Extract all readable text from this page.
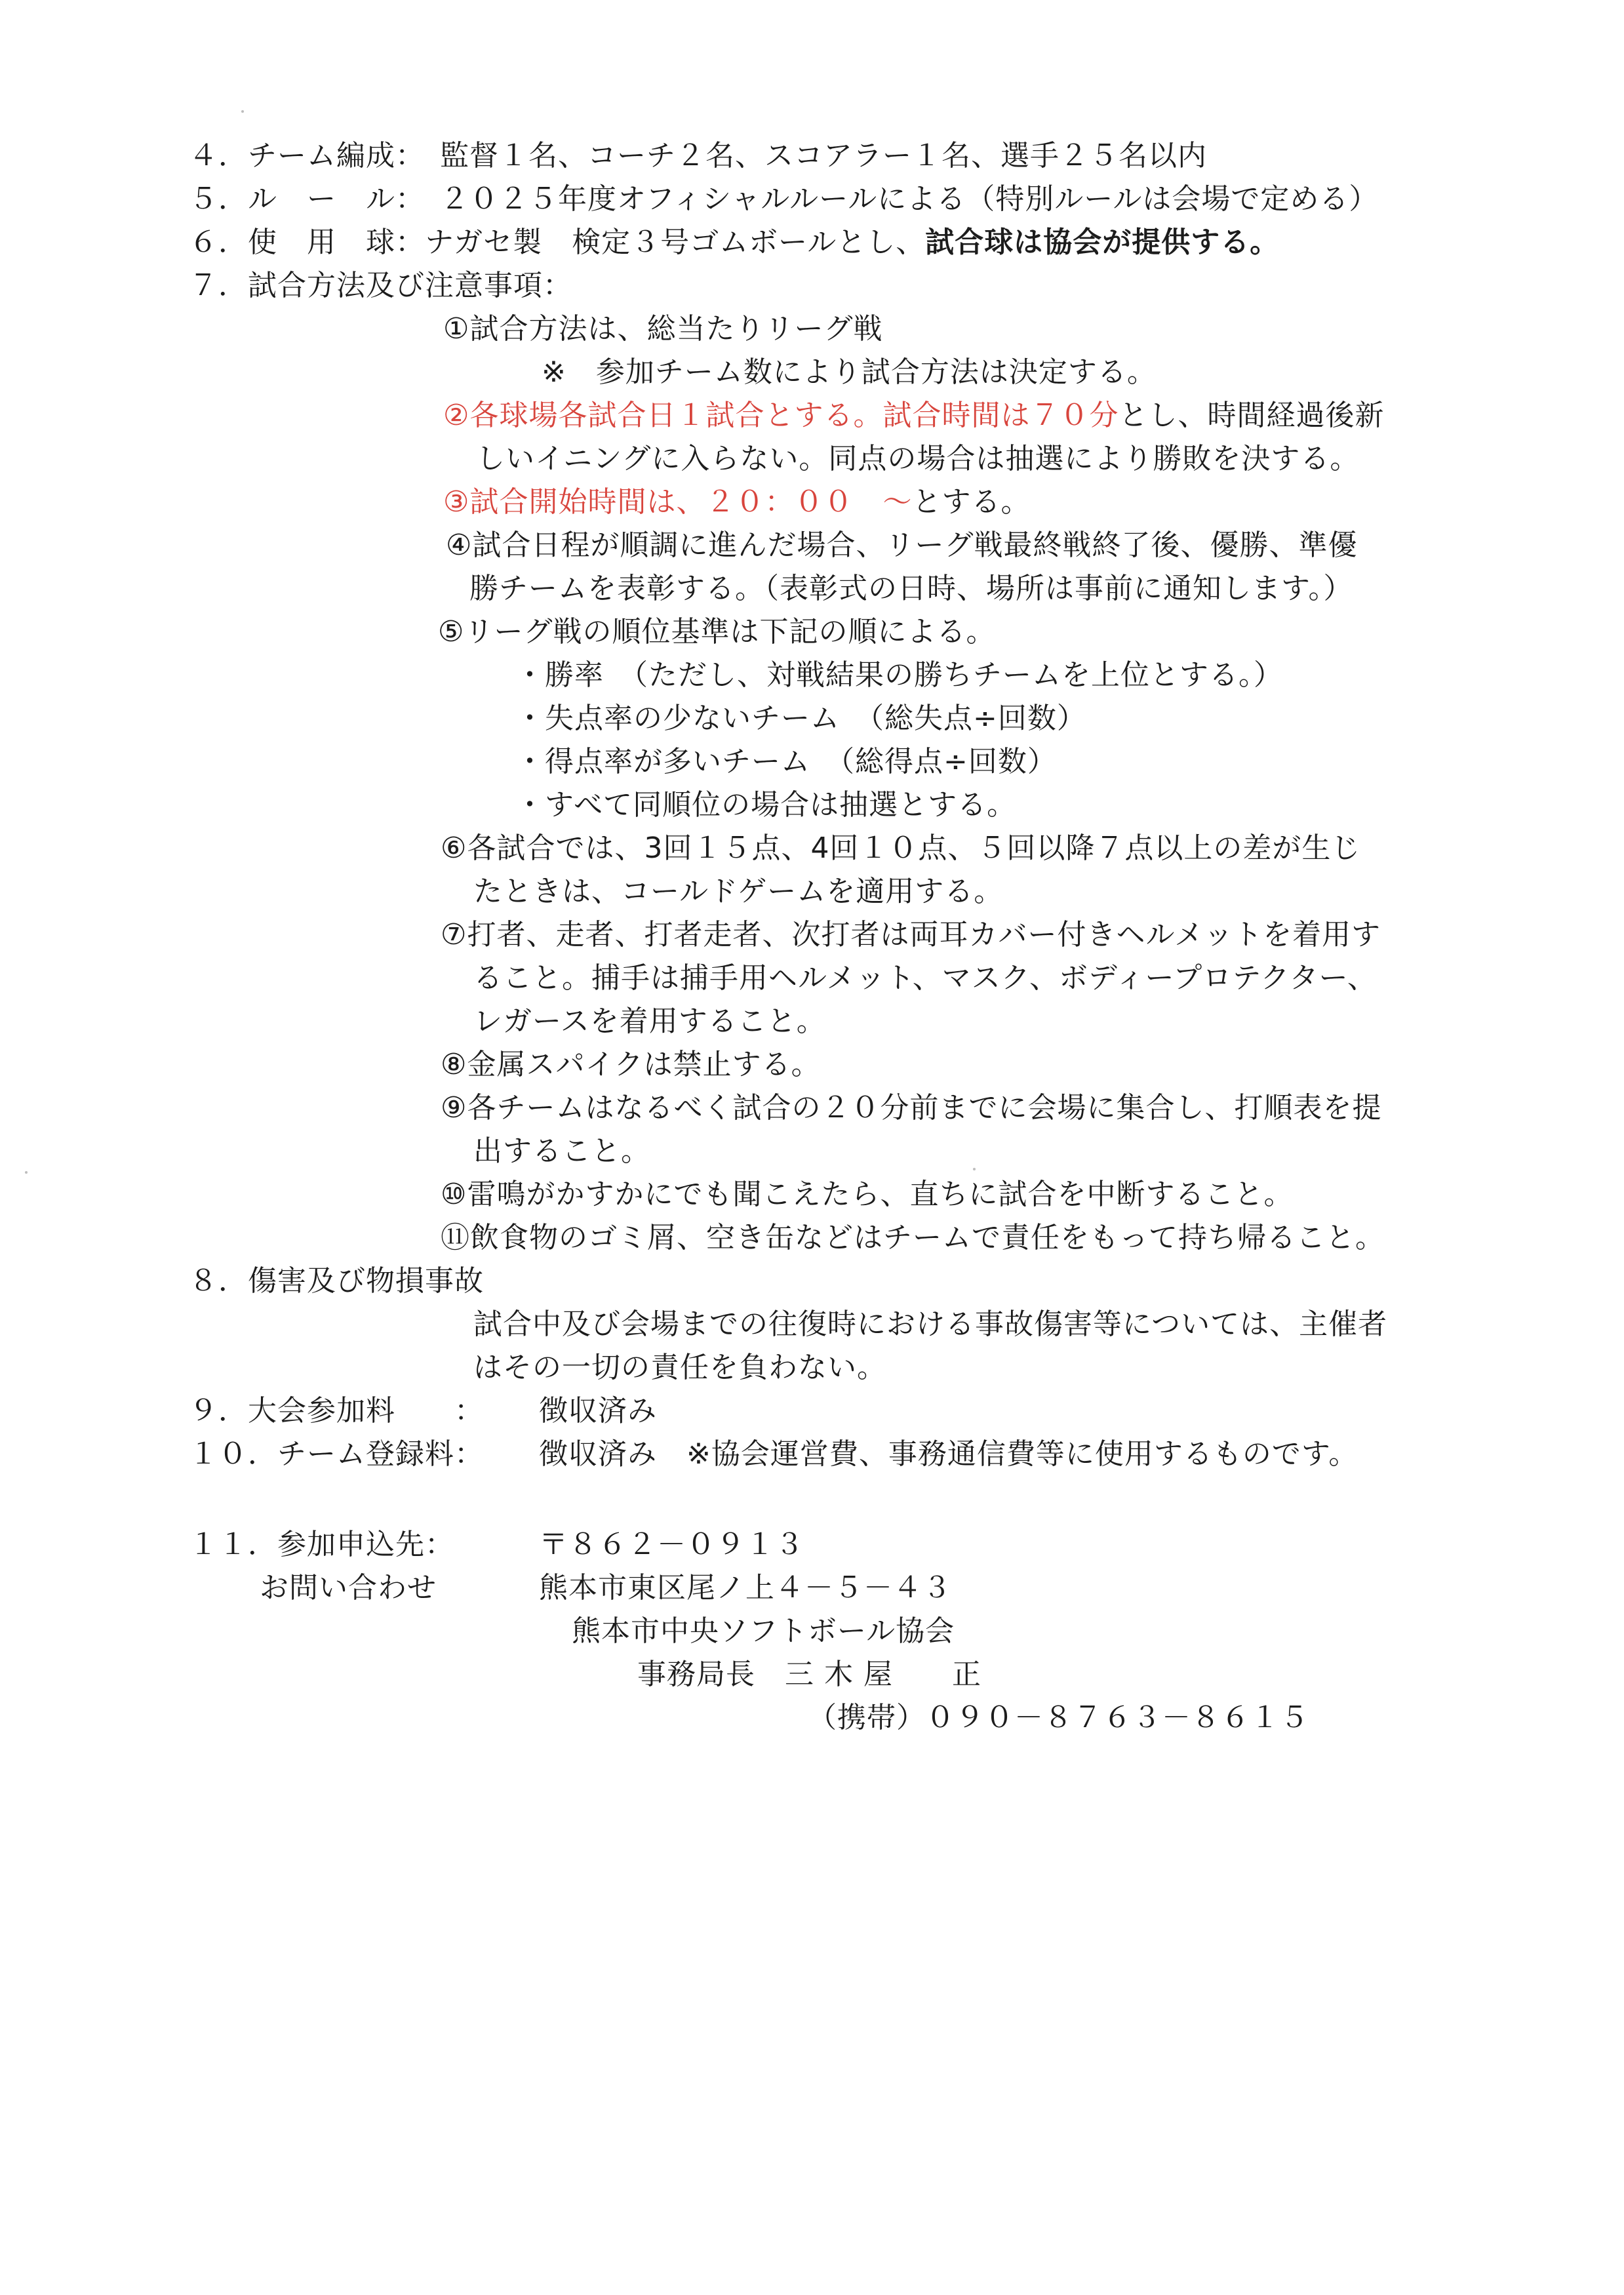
４．チーム編成：　監督１名、コーチ２名、スコアラー１名、選手２５名以内
５．ル　ー　ル：　２０２５年度オフィシャルルールによる（特別ルールは会場で定める）
６．使　用　球：ナガセ製　検定３号ゴムボールとし、試合球は協会が提供する。
７．試合方法及び注意事項：
①試合方法は、総当たりリーグ戦
※　参加チーム数により試合方法は決定する。
②各球場各試合日１試合とする。試合時間は７０分とし、時間経過後新
しいイニングに入らない。同点の場合は抽選により勝敗を決する。
③試合開始時間は、２０：００　～とする。
④試合日程が順調に進んだ場合、リーグ戦最終戦終了後、優勝、準優
勝チームを表彰する。（表彰式の日時、場所は事前に通知します。）
⑤リーグ戦の順位基準は下記の順による。
・勝率　（ただし、対戦結果の勝ちチームを上位とする。）
・失点率の少ないチーム　（総失点÷回数）
・得点率が多いチーム　（総得点÷回数）
・すべて同順位の場合は抽選とする。
⑥各試合では、3回１５点、4回１０点、５回以降７点以上の差が生じ
たときは、コールドゲームを適用する。
⑦打者、走者、打者走者、次打者は両耳カバー付きヘルメットを着用す
ること。捕手は捕手用ヘルメット、マスク、ボディープロテクター、
レガースを着用すること。
⑧金属スパイクは禁止する。
⑨各チームはなるべく試合の２０分前までに会場に集合し、打順表を提
出すること。
⑩雷鳴がかすかにでも聞こえたら、直ちに試合を中断すること。
⑪飲食物のゴミ屑、空き缶などはチームで責任をもって持ち帰ること。
８．傷害及び物損事故
試合中及び会場までの往復時における事故傷害等については、主催者
はその一切の責任を負わない。
９．大会参加料　　： 徴収済み
１０．チーム登録料： 徴収済み　※協会運営費、事務通信費等に使用するものです。
１１．参加申込先：
お問い合わせ
〒８６２－０９１３
熊本市東区尾ノ上４－５－４３
熊本市中央ソフトボール協会
事務局長　三 木 屋　　正
（携帯）０９０－８７６３－８６１５
